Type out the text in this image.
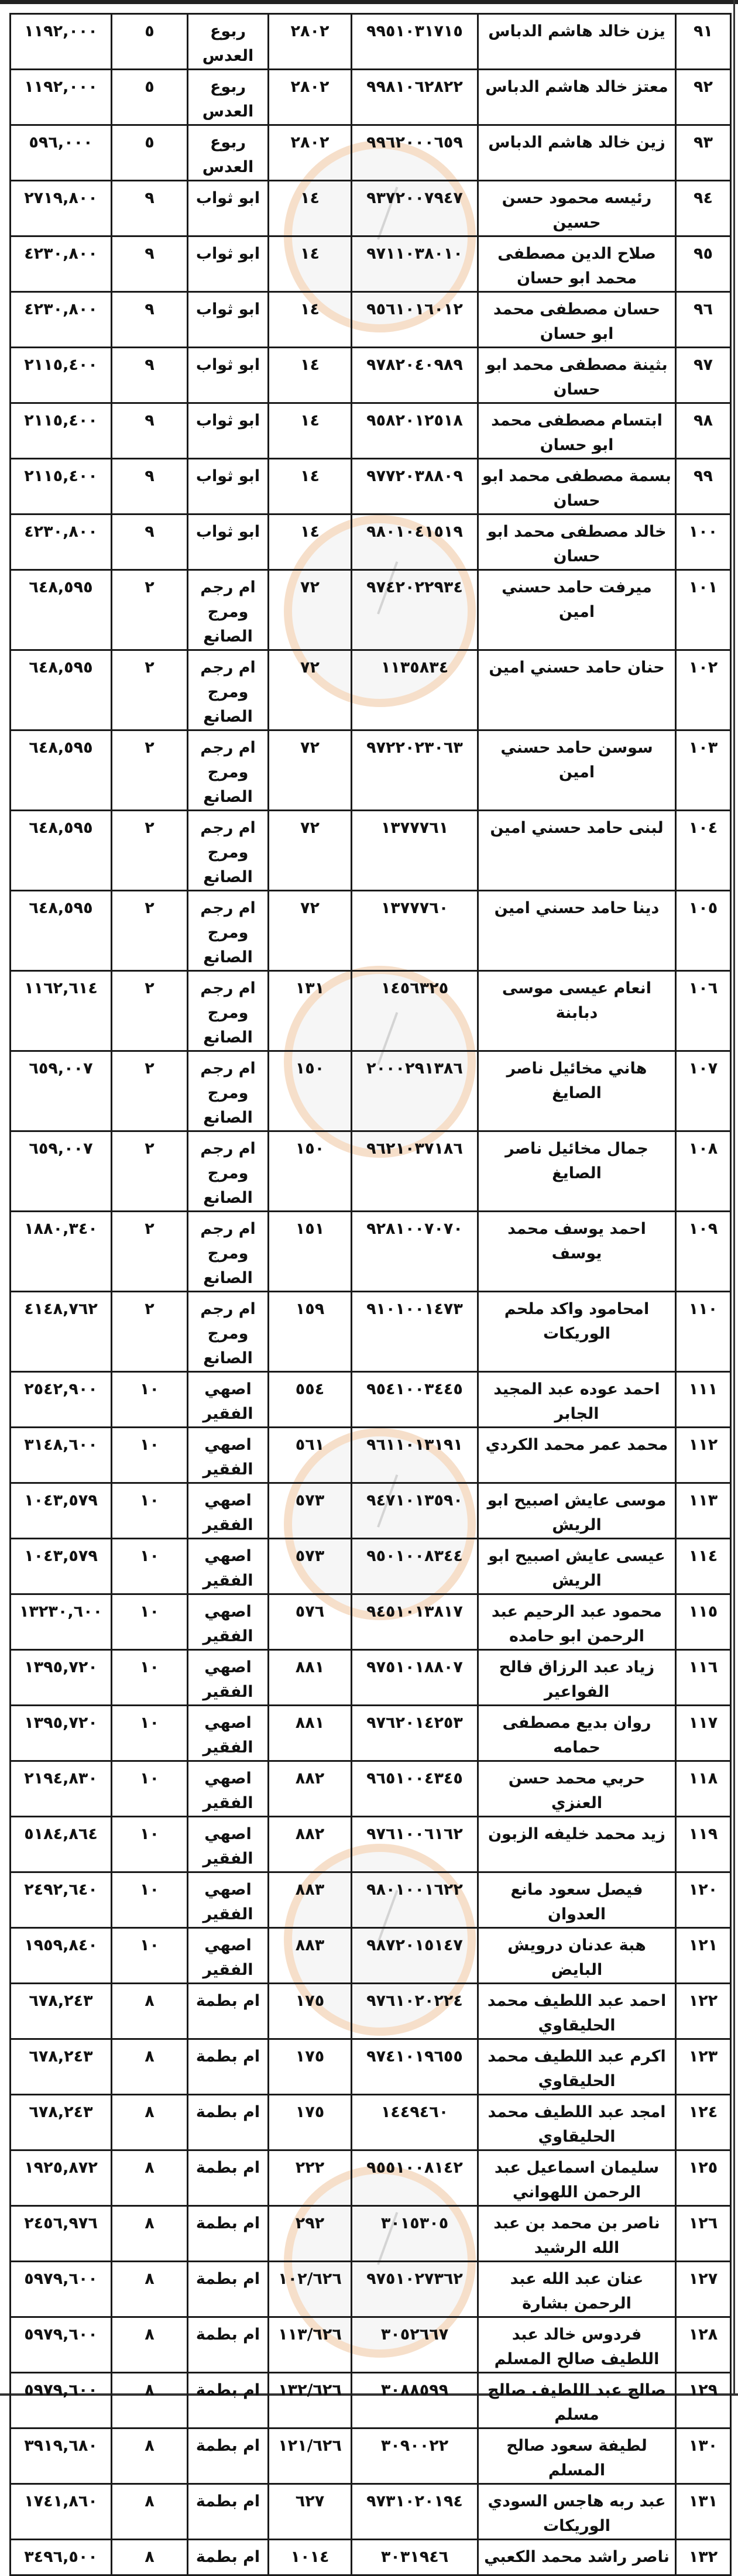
٩١	يزن خالد هاشم الدباس	٩٩٥١٠٣١٧١٥	٢٨٠٢	ربوع العدس	٥	١١٩٢,٠٠٠
٩٢	معتز خالد هاشم الدباس	٩٩٨١٠٦٢٨٢٢	٢٨٠٢	ربوع العدس	٥	١١٩٢,٠٠٠
٩٣	زين خالد هاشم الدباس	٩٩٦٢٠٠٠٦٥٩	٢٨٠٢	ربوع العدس	٥	٥٩٦,٠٠٠
٩٤	رئيسه محمود حسن حسين	٩٣٧٢٠٠٧٩٤٧	١٤	ابو ثواب	٩	٢٧١٩,٨٠٠
٩٥	صلاح الدين مصطفى محمد ابو حسان	٩٧١١٠٣٨٠١٠	١٤	ابو ثواب	٩	٤٢٣٠,٨٠٠
٩٦	حسان مصطفى محمد ابو حسان	٩٥٦١٠١٦٠١٢	١٤	ابو ثواب	٩	٤٢٣٠,٨٠٠
٩٧	بثينة مصطفى محمد ابو حسان	٩٧٨٢٠٤٠٩٨٩	١٤	ابو ثواب	٩	٢١١٥,٤٠٠
٩٨	ابتسام مصطفى محمد ابو حسان	٩٥٨٢٠١٢٥١٨	١٤	ابو ثواب	٩	٢١١٥,٤٠٠
٩٩	بسمة مصطفى محمد ابو حسان	٩٧٧٢٠٣٨٨٠٩	١٤	ابو ثواب	٩	٢١١٥,٤٠٠
١٠٠	خالد مصطفى محمد ابو حسان	٩٨٠١٠٤١٥١٩	١٤	ابو ثواب	٩	٤٢٣٠,٨٠٠
١٠١	ميرفت حامد حسني امين	٩٧٤٢٠٢٢٩٣٤	٧٢	ام رجم ومرج الصانع	٢	٦٤٨,٥٩٥
١٠٢	حنان حامد حسني امين	١١٣٥٨٣٤	٧٢	ام رجم ومرج الصانع	٢	٦٤٨,٥٩٥
١٠٣	سوسن حامد حسني امين	٩٧٢٢٠٢٣٠٦٣	٧٢	ام رجم ومرج الصانع	٢	٦٤٨,٥٩٥
١٠٤	لبنى حامد حسني امين	١٣٧٧٧٦١	٧٢	ام رجم ومرج الصانع	٢	٦٤٨,٥٩٥
١٠٥	دينا حامد حسني امين	١٣٧٧٧٦٠	٧٢	ام رجم ومرج الصانع	٢	٦٤٨,٥٩٥
١٠٦	انعام عيسى موسى دبابنة	١٤٥٦٣٢٥	١٣١	ام رجم ومرج الصانع	٢	١١٦٢,٦١٤
١٠٧	هاني مخائيل ناصر الصايغ	٢٠٠٠٢٩١٣٨٦	١٥٠	ام رجم ومرج الصانع	٢	٦٥٩,٠٠٧
١٠٨	جمال مخائيل ناصر الصايغ	٩٦٢١٠٣٧١٨٦	١٥٠	ام رجم ومرج الصانع	٢	٦٥٩,٠٠٧
١٠٩	احمد يوسف محمد يوسف	٩٢٨١٠٠٧٠٧٠	١٥١	ام رجم ومرج الصانع	٢	١٨٨٠,٣٤٠
١١٠	امحامود واكد ملحم الوريكات	٩١٠١٠٠١٤٧٣	١٥٩	ام رجم ومرج الصانع	٢	٤١٤٨,٧٦٢
١١١	احمد عوده عبد المجيد الجابر	٩٥٤١٠٠٣٤٤٥	٥٥٤	اصهي الفقير	١٠	٢٥٤٢,٩٠٠
١١٢	محمد عمر محمد الكردي	٩٦١١٠١٣١٩١	٥٦١	اصهي الفقير	١٠	٣١٤٨,٦٠٠
١١٣	موسى عايش اصبيح ابو الريش	٩٤٧١٠١٣٥٩٠	٥٧٣	اصهي الفقير	١٠	١٠٤٣,٥٧٩
١١٤	عيسى عايش اصبيح ابو الريش	٩٥٠١٠٠٨٣٤٤	٥٧٣	اصهي الفقير	١٠	١٠٤٣,٥٧٩
١١٥	محمود عبد الرحيم عبد الرحمن ابو حامده	٩٤٥١٠١٣٨١٧	٥٧٦	اصهي الفقير	١٠	١٣٢٣٠,٦٠٠
١١٦	زياد عبد الرزاق فالح الفواعير	٩٧٥١٠١٨٨٠٧	٨٨١	اصهي الفقير	١٠	١٣٩٥,٧٢٠
١١٧	روان بديع مصطفى حمامه	٩٧٦٢٠١٤٢٥٣	٨٨١	اصهي الفقير	١٠	١٣٩٥,٧٢٠
١١٨	حربي محمد حسن العنزي	٩٦٥١٠٠٤٣٤٥	٨٨٢	اصهي الفقير	١٠	٢١٩٤,٨٣٠
١١٩	زيد محمد خليفه الزبون	٩٧٦١٠٠٦١٦٢	٨٨٢	اصهي الفقير	١٠	٥١٨٤,٨٦٤
١٢٠	فيصل سعود مانع العدوان	٩٨٠١٠٠١٦٢٢	٨٨٣	اصهي الفقير	١٠	٢٤٩٢,٦٤٠
١٢١	هبة عدنان درويش البايض	٩٨٧٢٠١٥١٤٧	٨٨٣	اصهي الفقير	١٠	١٩٥٩,٨٤٠
١٢٢	احمد عبد اللطيف محمد الحليقاوي	٩٧٦١٠٢٠٢٢٤	١٧٥	ام بطمة	٨	٦٧٨,٢٤٣
١٢٣	اكرم عبد اللطيف محمد الحليقاوي	٩٧٤١٠١٩٦٥٥	١٧٥	ام بطمة	٨	٦٧٨,٢٤٣
١٢٤	امجد عبد اللطيف محمد الحليقاوي	١٤٤٩٤٦٠	١٧٥	ام بطمة	٨	٦٧٨,٢٤٣
١٢٥	سليمان اسماعيل عبد الرحمن اللهواني	٩٥٥١٠٠٨١٤٢	٢٢٢	ام بطمة	٨	١٩٢٥,٨٧٢
١٢٦	ناصر بن محمد بن عبد الله الرشيد	٣٠١٥٣٠٥	٢٩٢	ام بطمة	٨	٢٤٥٦,٩٧٦
١٢٧	عنان عبد الله عبد الرحمن بشارة	٩٧٥١٠٢٧٣٦٢	١٠٢/٦٢٦	ام بطمة	٨	٥٩٧٩,٦٠٠
١٢٨	فردوس خالد عبد اللطيف صالح المسلم	٣٠٥٢٦٦٧	١١٣/٦٢٦	ام بطمة	٨	٥٩٧٩,٦٠٠
١٢٩	صالح عبد اللطيف صالح مسلم	٣٠٨٨٥٩٩	١٣٢/٦٢٦	ام بطمة	٨	٥٩٧٩,٦٠٠
١٣٠	لطيفة سعود صالح المسلم	٣٠٩٠٠٢٢	١٢١/٦٢٦	ام بطمة	٨	٣٩١٩,٦٨٠
١٣١	عبد ربه هاجس السودي الوريكات	٩٧٣١٠٢٠١٩٤	٦٢٧	ام بطمة	٨	١٧٤١,٨٦٠
١٣٢	ناصر راشد محمد الكعبي	٣٠٣١٩٤٦	١٠١٤	ام بطمة	٨	٣٤٩٦,٥٠٠
